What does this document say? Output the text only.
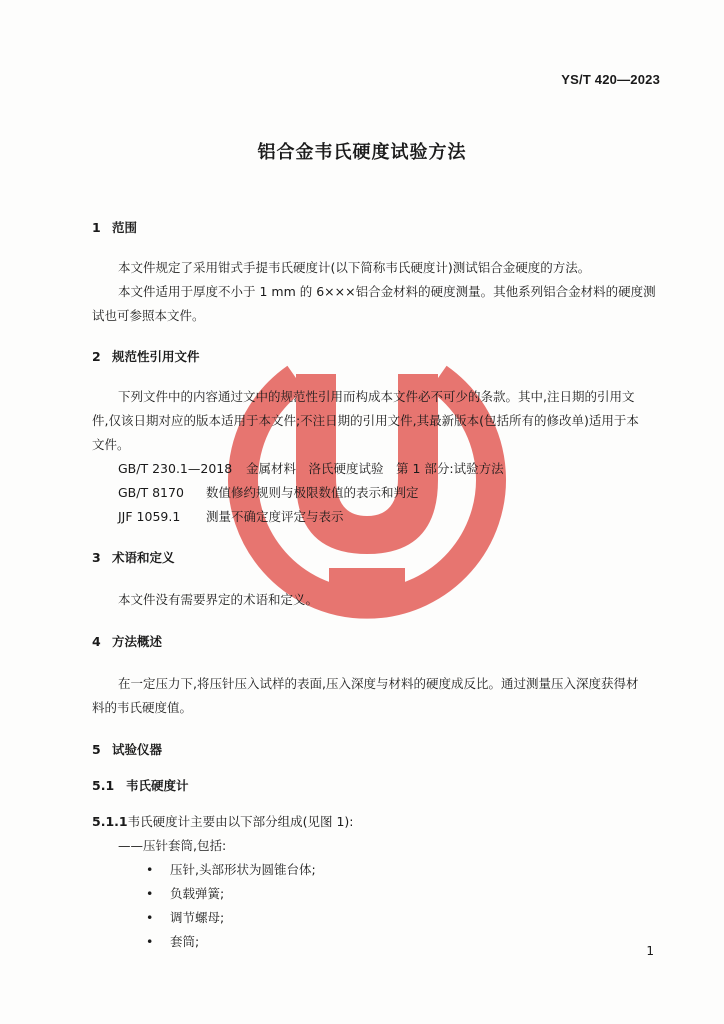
YS/T 420—2023
铝合金韦氏硬度试验方法
1 范围
本文件规定了采用钳式手提韦氏硬度计(以下简称韦氏硬度计)测试铝合金硬度的方法。
本文件适用于厚度不小于 1 mm 的 6×××铝合金材料的硬度测量。其他系列铝合金材料的硬度测
试也可参照本文件。
2 规范性引用文件
下列文件中的内容通过文中的规范性引用而构成本文件必不可少的条款。其中,注日期的引用文
件,仅该日期对应的版本适用于本文件;不注日期的引用文件,其最新版本(包括所有的修改单)适用于本
文件。
GB/T 230.1—2018 金属材料　洛氏硬度试验　第 1 部分:试验方法
GB/T 8170 数值修约规则与极限数值的表示和判定
JJF 1059.1 测量不确定度评定与表示
3 术语和定义
本文件没有需要界定的术语和定义。
4 方法概述
在一定压力下,将压针压入试样的表面,压入深度与材料的硬度成反比。通过测量压入深度获得材
料的韦氏硬度值。
5 试验仪器
5.1 韦氏硬度计
5.1.1韦氏硬度计主要由以下部分组成(见图 1):
——压针套筒,包括:
• 压针,头部形状为圆锥台体;
• 负载弹簧;
• 调节螺母;
• 套筒;
1
